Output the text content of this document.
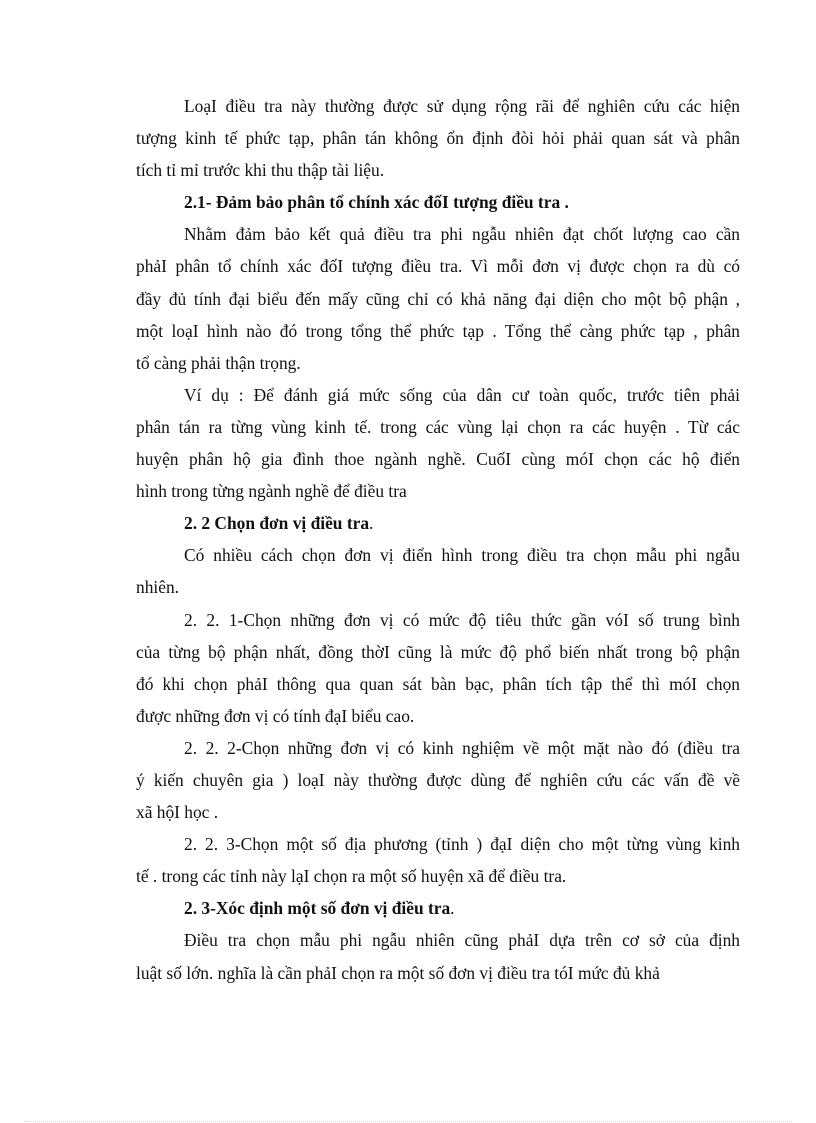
LoạI điều tra này thường được sử dụng rộng rãi để nghiên cứu các hiện
tượng kinh tế phức tạp, phân tán không ổn định đòi hỏi phải quan sát và phân
tích tỉ mỉ trước khi thu thập tài liệu.

2.1- Đảm bảo phân tổ chính xác đốI tượng điều tra .

Nhằm đảm bảo kết quả điều tra phi ngẫu nhiên đạt chốt lượng cao cần
phảI phân tổ chính xác đốI tượng điều tra. Vì mỗi đơn vị được chọn ra dù có
đầy đủ tính đại biểu đến mấy cũng chỉ có khả năng đại diện cho một bộ phận ,
một loạI hình nào đó trong tổng thể phức tạp . Tổng thể càng phức tạp , phân
tổ càng phải thận trọng.

Ví dụ : Để đánh giá mức sống của dân cư toàn quốc, trước tiên phải
phân tán ra từng vùng kinh tế. trong các vùng lại chọn ra các huyện . Từ các
huyện phân hộ gia đình thoe ngành nghề. CuốI cùng móI chọn các hộ điển
hình trong từng ngành nghề để điều tra

2. 2 Chọn đơn vị điều tra.

Có nhiều cách chọn đơn vị điển hình trong điều tra chọn mẫu phi ngẫu
nhiên.

2. 2. 1-Chọn những đơn vị có mức độ tiêu thức gần vóI số trung bình
của từng bộ phận nhất, đồng thờI cũng là mức độ phổ biến nhất trong bộ phận
đó khi chọn phảI thông qua quan sát bàn bạc, phân tích tập thể thì móI chọn
được những đơn vị có tính đạI biểu cao.

2. 2. 2-Chọn những đơn vị có kinh nghiệm về một mặt nào đó (điều tra
ý kiến chuyên gia ) loạI này thường được dùng để nghiên cứu các vấn đề về
xã hộI học .

2. 2. 3-Chọn một số địa phương (tỉnh ) đạI diện cho một từng vùng kinh
tế . trong các tỉnh này lạI chọn ra một số huyện xã để điều tra.

2. 3-Xóc định một số đơn vị điều tra.

Điều tra chọn mẫu phi ngẫu nhiên cũng phảI dựa trên cơ sở của định
luật số lớn. nghĩa là cần phảI chọn ra một số đơn vị điều tra tóI mức đủ khả
